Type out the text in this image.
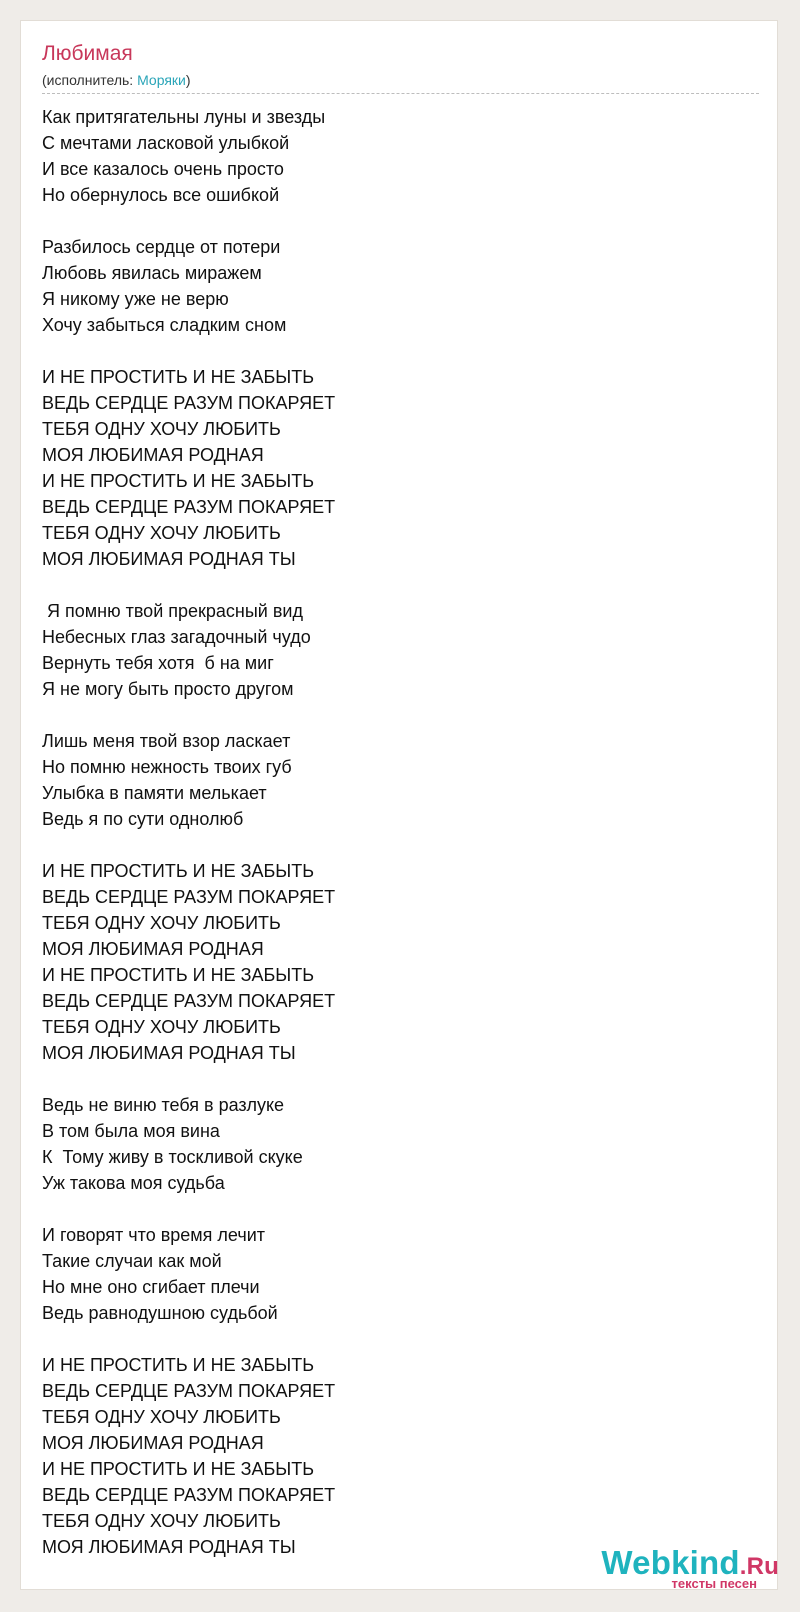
Любимая
(исполнитель: Моряки)
Как притягательны луны и звезды
С мечтами ласковой улыбкой
И все казалось очень просто
Но обернулось все ошибкой
Разбилось сердце от потери
Любовь явилась миражем
Я никому уже не верю
Хочу забыться сладким сном
И НЕ ПРОСТИТЬ И НЕ ЗАБЫТЬ
ВЕДЬ СЕРДЦЕ РАЗУМ ПОКАРЯЕТ
ТЕБЯ ОДНУ ХОЧУ ЛЮБИТЬ
МОЯ ЛЮБИМАЯ РОДНАЯ
И НЕ ПРОСТИТЬ И НЕ ЗАБЫТЬ
ВЕДЬ СЕРДЦЕ РАЗУМ ПОКАРЯЕТ
ТЕБЯ ОДНУ ХОЧУ ЛЮБИТЬ
МОЯ ЛЮБИМАЯ РОДНАЯ ТЫ
Я помню твой прекрасный вид
Небесных глаз загадочный чудо
Вернуть тебя хотя  б на миг
Я не могу быть просто другом
Лишь меня твой взор ласкает
Но помню нежность твоих губ
Улыбка в памяти мелькает
Ведь я по сути однолюб
И НЕ ПРОСТИТЬ И НЕ ЗАБЫТЬ
ВЕДЬ СЕРДЦЕ РАЗУМ ПОКАРЯЕТ
ТЕБЯ ОДНУ ХОЧУ ЛЮБИТЬ
МОЯ ЛЮБИМАЯ РОДНАЯ
И НЕ ПРОСТИТЬ И НЕ ЗАБЫТЬ
ВЕДЬ СЕРДЦЕ РАЗУМ ПОКАРЯЕТ
ТЕБЯ ОДНУ ХОЧУ ЛЮБИТЬ
МОЯ ЛЮБИМАЯ РОДНАЯ ТЫ
Ведь не виню тебя в разлуке
В том была моя вина
К  Тому живу в тоскливой скуке
Уж такова моя судьба
И говорят что время лечит
Такие случаи как мой
Но мне оно сгибает плечи
Ведь равнодушною судьбой
И НЕ ПРОСТИТЬ И НЕ ЗАБЫТЬ
ВЕДЬ СЕРДЦЕ РАЗУМ ПОКАРЯЕТ
ТЕБЯ ОДНУ ХОЧУ ЛЮБИТЬ
МОЯ ЛЮБИМАЯ РОДНАЯ
И НЕ ПРОСТИТЬ И НЕ ЗАБЫТЬ
ВЕДЬ СЕРДЦЕ РАЗУМ ПОКАРЯЕТ
ТЕБЯ ОДНУ ХОЧУ ЛЮБИТЬ
МОЯ ЛЮБИМАЯ РОДНАЯ ТЫ	Webkind.Ru
тексты песен
